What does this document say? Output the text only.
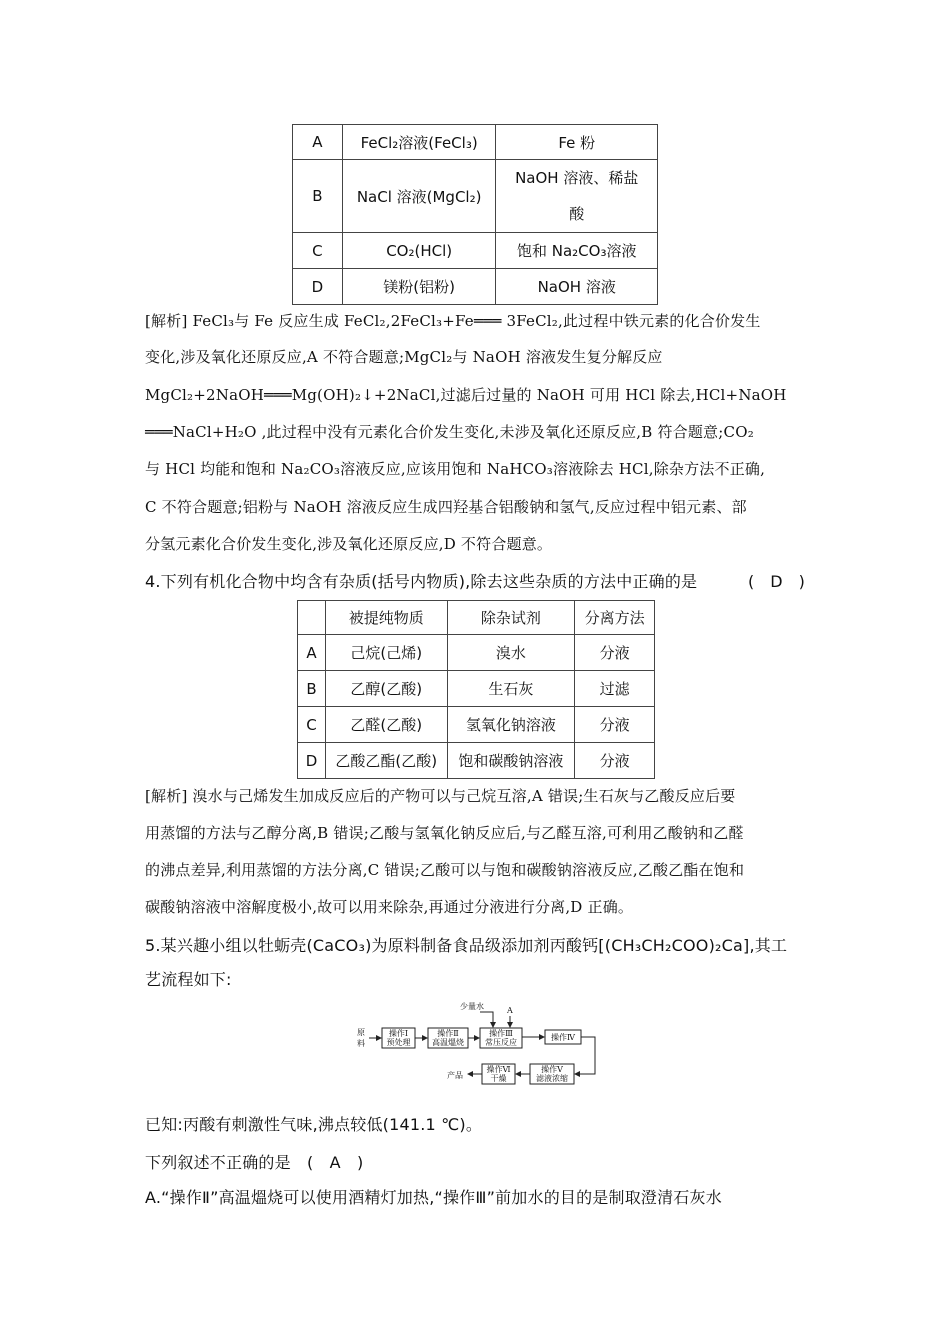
A	FeCl₂溶液(FeCl₃)	Fe 粉
B	NaCl 溶液(MgCl₂)	NaOH 溶液、稀盐
酸

C	CO₂(HCl)	饱和 Na₂CO₃溶液
D	镁粉(铝粉)	NaOH 溶液
[解析] FeCl₃与 Fe 反应生成 FeCl₂,2FeCl₃+Fe═══ 3FeCl₂,此过程中铁元素的化合价发生
变化,涉及氧化还原反应,A 不符合题意;MgCl₂与 NaOH 溶液发生复分解反应
MgCl₂+2NaOH═══Mg(OH)₂↓+2NaCl,过滤后过量的 NaOH 可用 HCl 除去,HCl+NaOH
═══NaCl+H₂O ,此过程中没有元素化合价发生变化,未涉及氧化还原反应,B 符合题意;CO₂
与 HCl 均能和饱和 Na₂CO₃溶液反应,应该用饱和 NaHCO₃溶液除去 HCl,除杂方法不正确,
C 不符合题意;铝粉与 NaOH 溶液反应生成四羟基合铝酸钠和氢气,反应过程中铝元素、部
分氢元素化合价发生变化,涉及氧化还原反应,D 不符合题意。
4.下列有机化合物中均含有杂质(括号内物质),除去这些杂质的方法中正确的是	(　D　)
	被提纯物质	除杂试剂	分离方法
A	己烷(己烯)	溴水	分液
B	乙醇(乙酸)	生石灰	过滤
C	乙醛(乙酸)	氢氧化钠溶液	分液
D	乙酸乙酯(乙酸)	饱和碳酸钠溶液	分液
[解析] 溴水与己烯发生加成反应后的产物可以与己烷互溶,A 错误;生石灰与乙酸反应后要
用蒸馏的方法与乙醇分离,B 错误;乙酸与氢氧化钠反应后,与乙醛互溶,可利用乙酸钠和乙醛
的沸点差异,利用蒸馏的方法分离,C 错误;乙酸可以与饱和碳酸钠溶液反应,乙酸乙酯在饱和
碳酸钠溶液中溶解度极小,故可以用来除杂,再通过分液进行分离,D 正确。
5.某兴趣小组以牡蛎壳(CaCO₃)为原料制备食品级添加剂丙酸钙[(CH₃CH₂COO)₂Ca],其工
艺流程如下:
原
料
操作Ⅰ
预处理
操作Ⅱ
高温熅烧
操作Ⅲ
常压反应
操作Ⅳ
操作Ⅴ
滤液浓缩
操作Ⅵ
干燥
少量水	A
产品
已知:丙酸有刺激性气味,沸点较低(141.1 ℃)。
下列叙述不正确的是　(　A　)
A.“操作Ⅱ”高温熅烧可以使用酒精灯加热,“操作Ⅲ”前加水的目的是制取澄清石灰水
